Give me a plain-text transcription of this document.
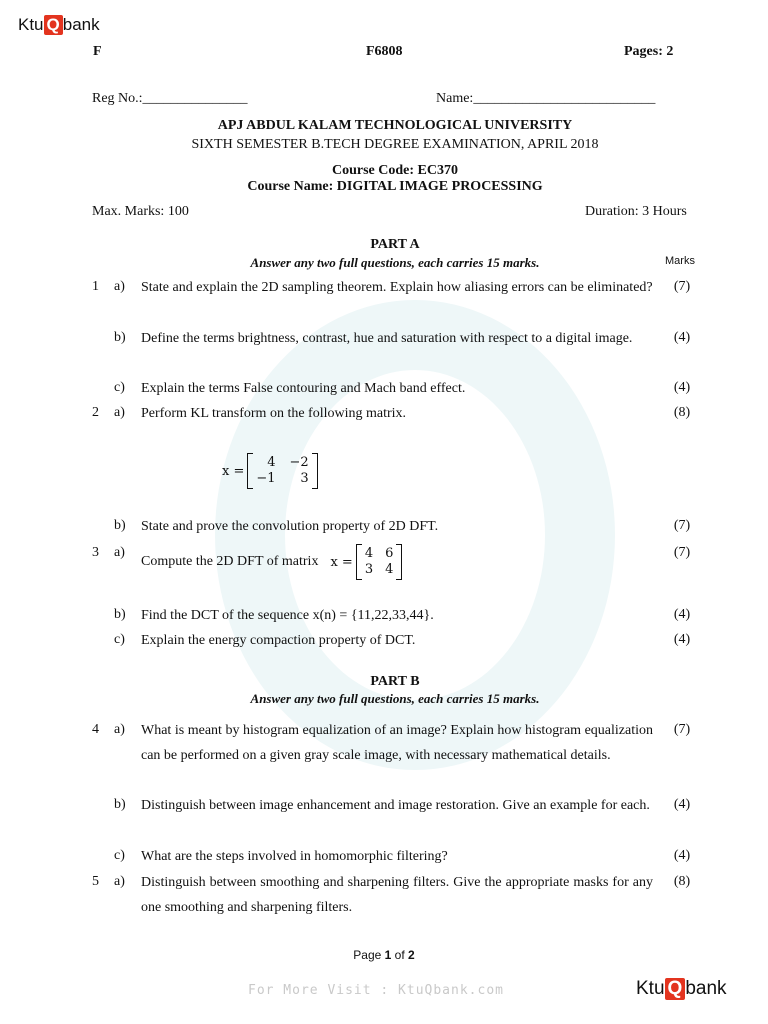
Ktu Q bank
F	F6808	Pages: 2
Reg No.:_______________	Name:__________________________
APJ ABDUL KALAM TECHNOLOGICAL UNIVERSITY
SIXTH SEMESTER B.TECH DEGREE EXAMINATION, APRIL 2018
Course Code: EC370
Course Name: DIGITAL IMAGE PROCESSING
Max. Marks: 100	Duration: 3 Hours
PART A
Answer any two full questions, each carries 15 marks.	Marks
1 a) State and explain the 2D sampling theorem. Explain how aliasing errors can be eliminated? (7)
b) Define the terms brightness, contrast, hue and saturation with respect to a digital image.	(4)
c) Explain the terms False contouring and Mach band effect.	(4)
2 a) Perform KL transform on the following matrix.	(8)
x =
4 −2
−1	3
b) State and prove the convolution property of 2D DFT.	(7)
3 a)
Compute the 2D DFT of matrix x =
4 6
3 4
(7)
b) Find the DCT of the sequence x(n) = {11,22,33,44}.	(4)
c) Explain the energy compaction property of DCT.	(4)
PART B
Answer any two full questions, each carries 15 marks.
4 a) What is meant by histogram equalization of an image? Explain how histogram equalization can be performed on a given gray scale image, with necessary mathematical details.
(7)
b) Distinguish between image enhancement and image restoration. Give an example for each. (4)
c) What are the steps involved in homomorphic filtering?	(4)
5 a) Distinguish between smoothing and sharpening filters. Give the appropriate masks for any one smoothing and sharpening filters.
(8)
Page 1 of 2
For More Visit : KtuQbank.com	Ktu Q bank
